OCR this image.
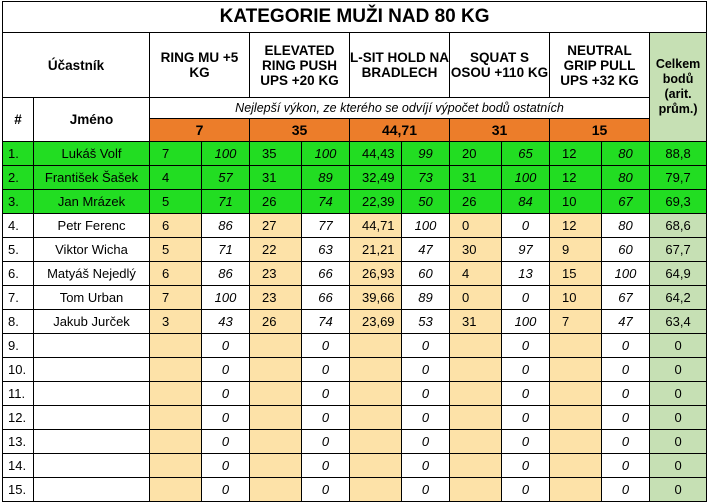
KATEGORIE MUŽI NAD 80 KG												
Účastník		RING MU +5 KG		ELEVATED RING PUSH UPS +20 KG		L-SIT HOLD NA BRADLECH		SQUAT S OSOU +110 KG		NEUTRAL GRIP PULL UPS +32 KG		Celkem bodů (arit. prům.)
#	Jméno	Nejlepší výkon, ze kterého se odvíjí výpočet bodů ostatních										
		7		35		44,71		31		15		
1.	Lukáš Volf	7	100	35	100	44,43	99	20	65	12	80	88,8
2.	František Šašek	4	57	31	89	32,49	73	31	100	12	80	79,7
3.	Jan Mrázek	5	71	26	74	22,39	50	26	84	10	67	69,3
4.	Petr Ferenc	6	86	27	77	44,71	100	0	0	12	80	68,6
5.	Viktor Wicha	5	71	22	63	21,21	47	30	97	9	60	67,7
6.	Matyáš Nejedlý	6	86	23	66	26,93	60	4	13	15	100	64,9
7.	Tom Urban	7	100	23	66	39,66	89	0	0	10	67	64,2
8.	Jakub Jurček	3	43	26	74	23,69	53	31	100	7	47	63,4
9.			0		0		0		0		0	0
10.			0		0		0		0		0	0
11.			0		0		0		0		0	0
12.			0		0		0		0		0	0
13.			0		0		0		0		0	0
14.			0		0		0		0		0	0
15.			0		0		0		0		0	0
